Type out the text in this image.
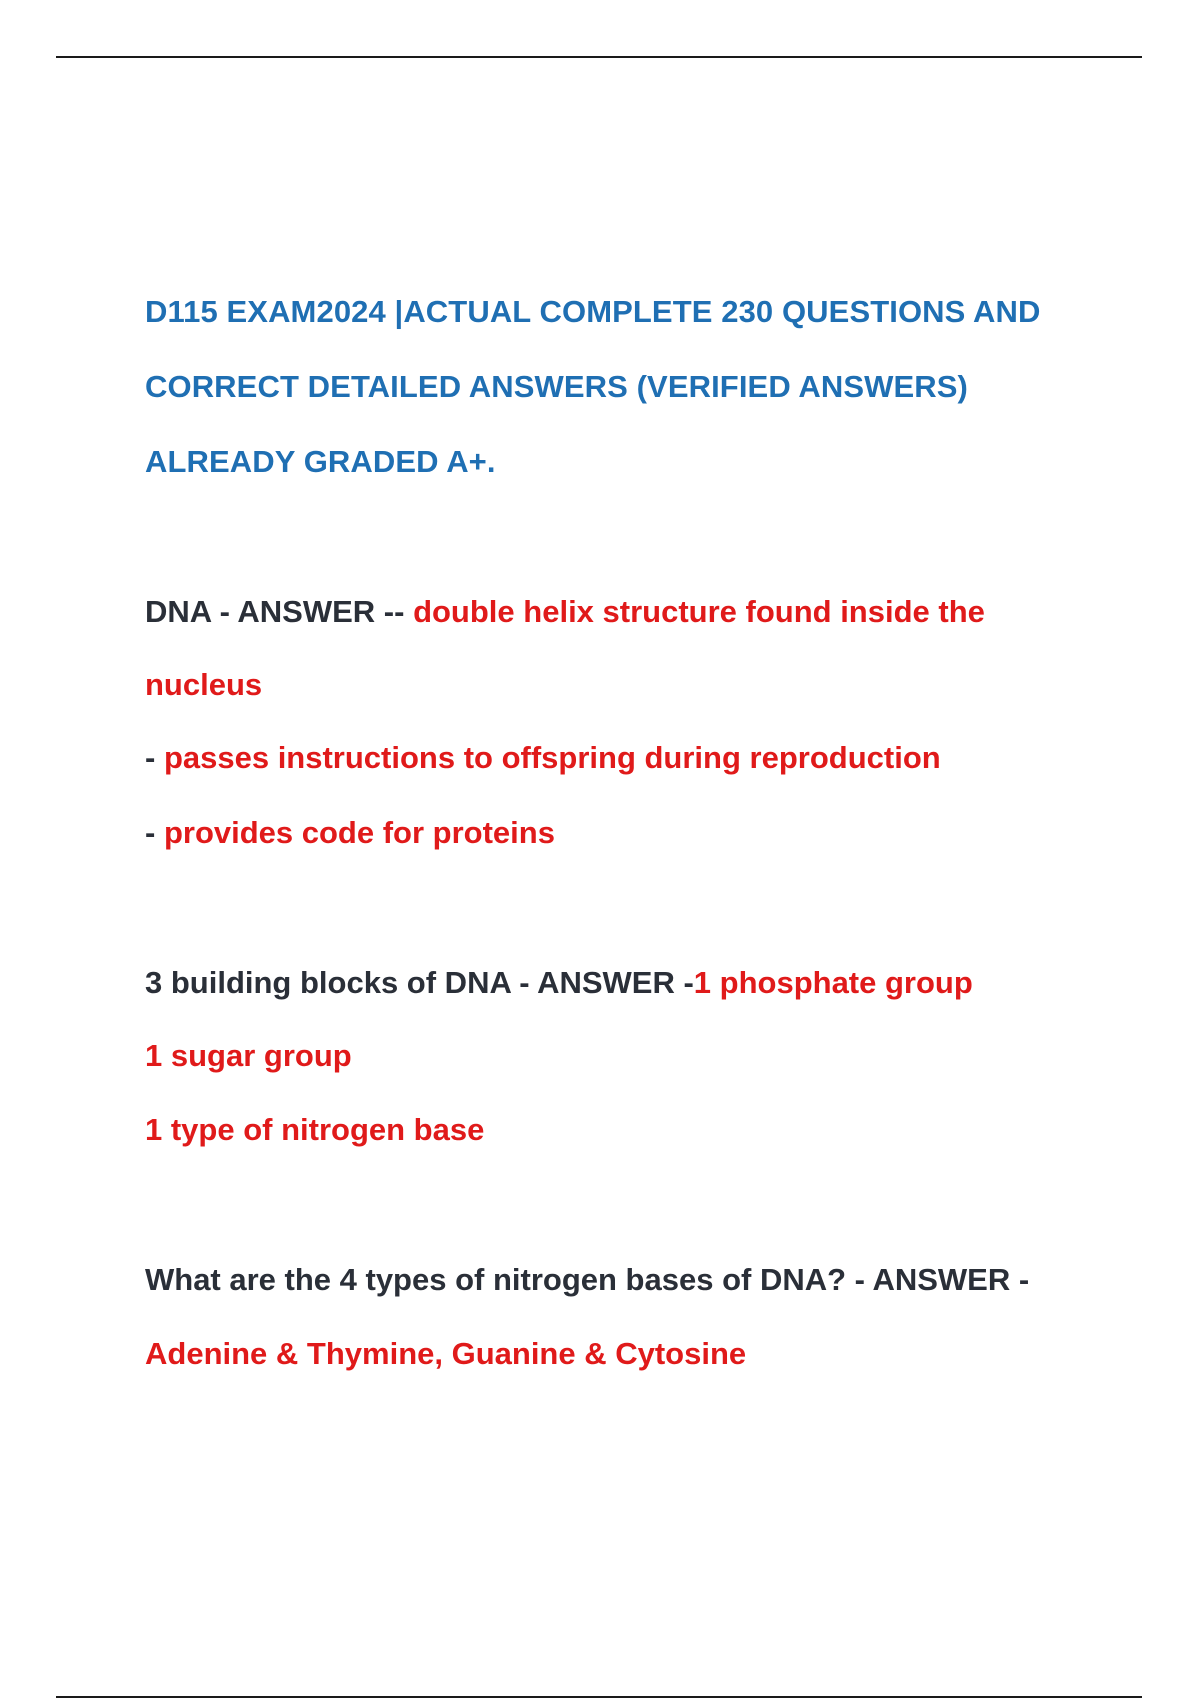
D115 EXAM2024 |ACTUAL COMPLETE 230 QUESTIONS AND
CORRECT DETAILED ANSWERS (VERIFIED ANSWERS)
ALREADY GRADED A+.
DNA - ANSWER -- double helix structure found inside the
nucleus
- passes instructions to offspring during reproduction
- provides code for proteins
3 building blocks of DNA - ANSWER -1 phosphate group
1 sugar group
1 type of nitrogen base
What are the 4 types of nitrogen bases of DNA? - ANSWER -
Adenine & Thymine, Guanine & Cytosine
